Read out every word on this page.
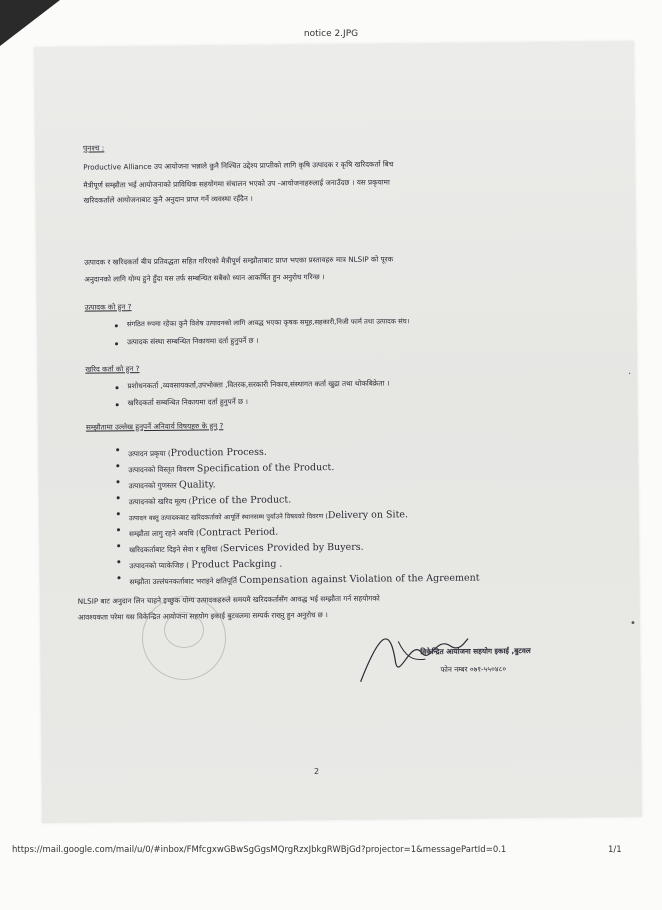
notice 2.JPG
पुनश्च :
Productive Alliance उप आयोजना भन्नाले कुनै निश्चित उद्देश्य प्राप्तीको लागि कृषि उत्पादक र कृषि खरिदकर्ता बिच
मैत्रीपूर्ण सम्झौता भई आयोजनाको प्राविधिक सहयोगमा संचालन भएको उप -आयोजनाहरुलाई जनाउँदछ । यस प्रकृयामा
खरिदकर्ताले आयोजनाबाट कुनै अनुदान प्राप्त गर्ने व्यवस्था रहँदैन ।
उत्पादक र खरिदकर्ता बीच प्रतिवद्धता सहित गरिएको मैत्रीपूर्ण सम्झौताबाट प्राप्त भएका प्रस्तावहरु मात्र NLSIP को पूरक
अनुदानको लागि योग्य हुने हुँदा यस तर्फ सम्बन्धित सबैको ध्यान आकर्षित हुन अनुरोध गरिन्छ ।
उत्पादक को हुन ?
संगठित रुपमा रहेका कुनै विशेष उत्पादनको लागि आवद्ध भएका कृषक समूह,सहकारी,निजी फार्म तथा उत्पादक संघ।
उत्पादक संस्था सम्बन्धित निकायमा दर्ता हुनुपर्ने छ ।
खरिद कर्ता को हुन ?
प्रशोधनकर्ता ,व्यवसायकर्ता,उपभोक्ता ,वितरक,सरकारी निकाय,संस्थागत कर्ता खुद्रा तथा थोकबिक्रेता ।
खरिदकर्ता सम्बन्धित निकायमा दर्ता हुनुपर्ने छ ।
सम्झौतामा उल्लेख हुनुपर्ने अनिवार्य विषयहरु के हुन् ?
उत्पादन प्रकृया (Production Process.
उत्पादनको विस्तृत विवरण Specification of the Product.
उत्पादनको गुणस्तर Quality.
उत्पादनको खरिद मूल्य (Price of the Product.
उत्पादन वस्तु उत्पादकबाट खरिदकर्ताको आपूर्ति स्थानसम्म पुर्याउने विषयको विवरण (Delivery on Site.
सम्झौता लागु रहने अवधि (Contract Period.
खरिदकर्ताबाट दिइने सेवा र सुविधा (Services Provided by Buyers.
उत्पादनको प्याकेजिङ ( Product Packging .
सम्झौता उल्लंघनकर्ताबाट भराइने क्षतिपूर्ति Compensation against Violation of the Agreement
NLSIP बाट अनुदान लिन चाहने इच्छुक योग्य उत्पादकहरुले समयमै खरिदकर्तासँग आवद्ध भई सम्झौता गर्न सहयोगको
आवश्यकता परेमा यस विकेन्द्रित आयोजना सहयोग इकाई बुटवलमा सम्पर्क राख्नु हुन अनुरोध छ ।
विकेन्द्रित आयोजना सहयोग इकाई ,बुटवल
फोन नम्बर ०७१-५५०४८०
2
.
•
https://mail.google.com/mail/u/0/#inbox/FMfcgxwGBwSgGgsMQrgRzxJbkgRWBjGd?projector=1&messagePartId=0.1	1/1
